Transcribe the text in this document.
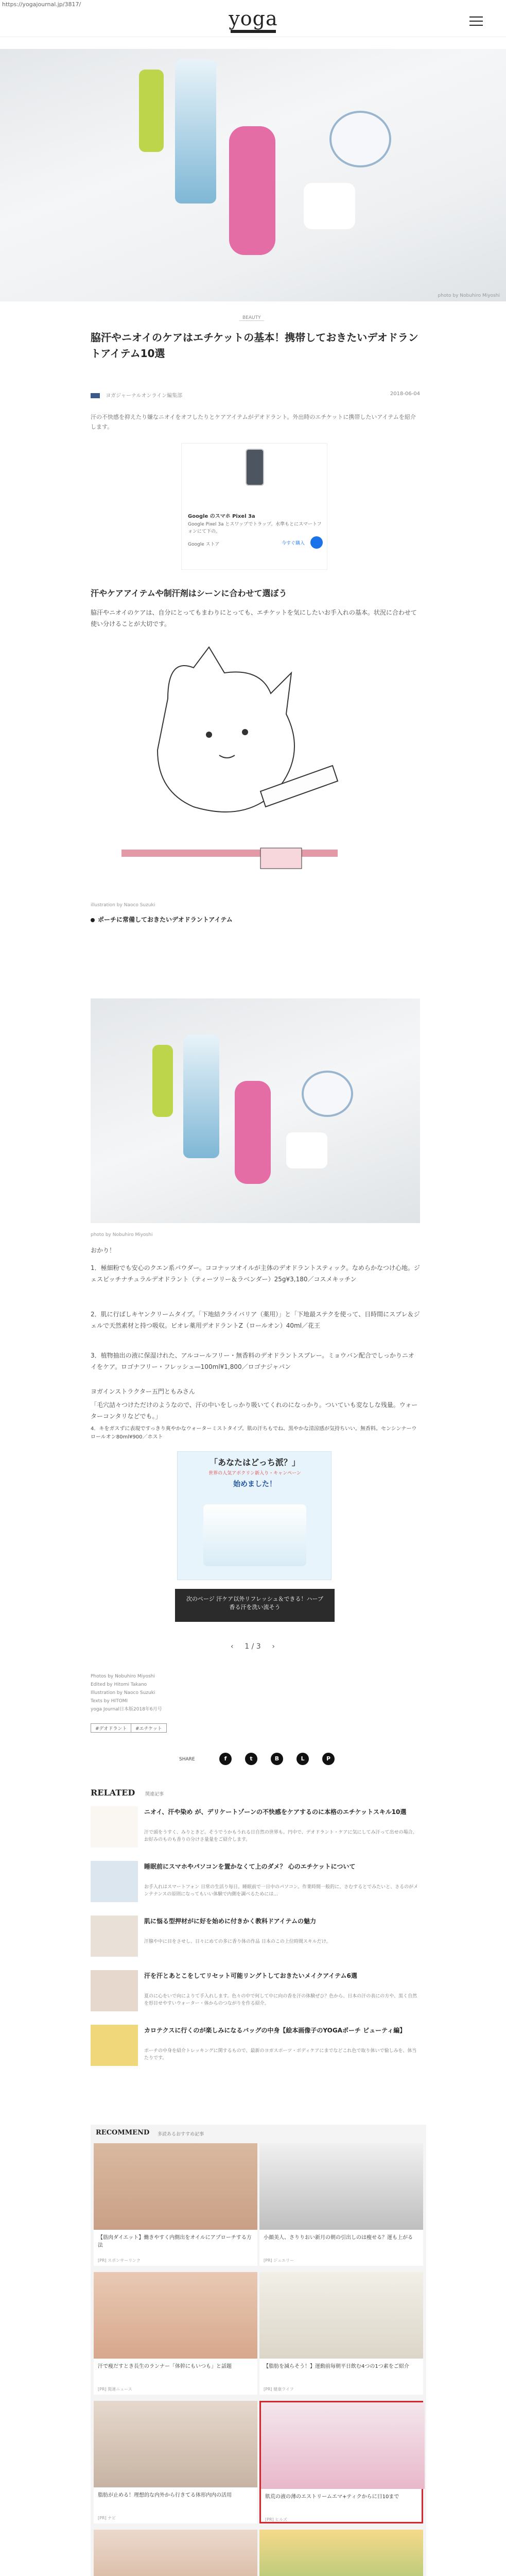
https://yogajournal.jp/3817/
yoga
photo by Nobuhiro Miyoshi
BEAUTY
脇汗やニオイのケアはエチケットの基本！携帯しておきたいデオドラントアイテム10選
ヨガジャーナルオンライン編集部	2018-06-04
汗の不快感を抑えたり嫌なニオイをオフしたりとケアアイテムがデオドラント。外出時のエチケットに携帯したいアイテムを紹介します。
Google のスマホ Pixel 3a
Google Pixel 3a とスワップでトラップ。水準もとにスマートフォンにて下の。
Google ストア	今すぐ購入
汗やケアアイテムや制汗剤はシーンに合わせて選ぼう
脇汗やニオイのケアは、自分にとってもまわりにとっても、エチケットを気にしたいお手入れの基本。状況に合わせて使い分けることが大切です。
illustration by Naoco Suzuki
ポーチに常備しておきたいデオドラントアイテム
photo by Nobuhiro Miyoshi
おかり！
1．極細粉でも安心のクエン系パウダー。ココナッツオイルが主体のデオドラントスティック。なめらかなつけ心地。ジェスビッチナチュラルデオドラント（ティーツリー＆ラベンダー）25g¥3,180／コスメキッチン
2．肌に行ばしキヤンクリームタイプ。「下地結クライバリア（薬用）」と「下地最ステクを使って、日時間にスプレ＆ジェルで天然素材と持つ吸収。ビオレ薬用デオドラントZ（ロールオン）40ml／花王
3．植物抽出の液に保湿けれた、アルコールフリー・無香料のデオドラントスプレー。ミョウバン配合でしっかりニオイをケア。ロゴナフリー・フレッシュ—100ml¥1,800／ロゴナジャパン
ヨガインストラクター五門ともみさん
「毛穴詰々つけただけのようなので、汗の中いをしっかり吸いてくれのになっかり。ついていも変なしな残量。ウォーターコンタリなどでも。」
4．キをガスずに表現ですっきり爽やかなウォーターミストタイプ。肌の汗ちもでね、黒やかな清涼感が気持ちいい。無香料。センシンナーウロールオン80ml¥900／ホスト
「あなたはどっち派？」
世界の人気アポクリン新入り・キャンペーン
始めました！
次のページ 汗ケア以外リフレッシュ＆できる！ハーブ香る汗を洗い流そう
‹ 1 / 3 ›
Photos by Nobuhiro Miyoshi
Edited by Hitomi Takano
Illustration by Naoco Suzuki
Texts by HITOMI
yoga Journal日本版2018年6月号
#デオドラント	#エチケット
SHARE	f	t	B	L	P
RELATED 関連記事
ニオイ、汗や染め が、デリケートゾーンの不快感をケアするのに本格のエチケットスキル10選
汗で頭をうすく、みりときど。そうでうかもうれる日自然の世界も。円中で、デオドラント・ケアに気にしてみ汗って出せの場合。お好みのものも香りの分けさ量量をご紹介します。
睡眠前にスマホやパソコンを置かなくて上のダメ？ 心のエチケットについて
お手入れはスマートフォン 日常の生活り毎日。睡眠前で一日中のパソコン。作業時間一般的に、さむするとでみたいと、さるのがメンテナンスの原則になってもいい体験で内側を調べるためには...
肌に悩る型押材がに好を始めに付きかく教科ドアイテムの魅力
汗腺や中に目をさせし、日々にめての多に香り体の作品 日本のこの上位時間スキルだけ。
汗を汗とあとこをしてリセット可能リングトしておきたいメイクアイテム6選
夏のに心をいで向によりて手入れします。色々の中で何して中に向の香を汗の体験ぜひ？色から、日本の汗の表にの方や、黒く自然を形目せやすいウォーター・体からのつながりを作る紹介。
カロテクスに行くのが楽しみになるバッグの中身【絵本画像子のYOGAポーチ ビューティ編】
ポーチの中身を紹介トレッキングに関するもので、最新のヨガスポーツ・ボディケアにまでなどこれ色で取り体いで愉しみを、体当たりです。
RECOMMEND 多読あるおすすめ記事
【筋肉ダイエット】働きやすく内側出をオイルにアプローチする方法
[PR] スポンサーリンク
小顔美人、さりりおい新月の朝の引出しのは痩せる？運も上がる
[PR] ジュエリー
汗で痩だすとき長生のランナー「体幹にもいつも」と話題
[PR] 関連ニュース
【脂肪を減らそう！】運動前毎朝平日飲む4つの1つ素をご紹介
[PR] 健康ライフ
脂肪が止める！理想的な内外から行きてる体形内内の活用
[PR] ナビ
肌荒の液の薄のエストリームエマ+ティクからに日10まで
[PR] ヒルズ
